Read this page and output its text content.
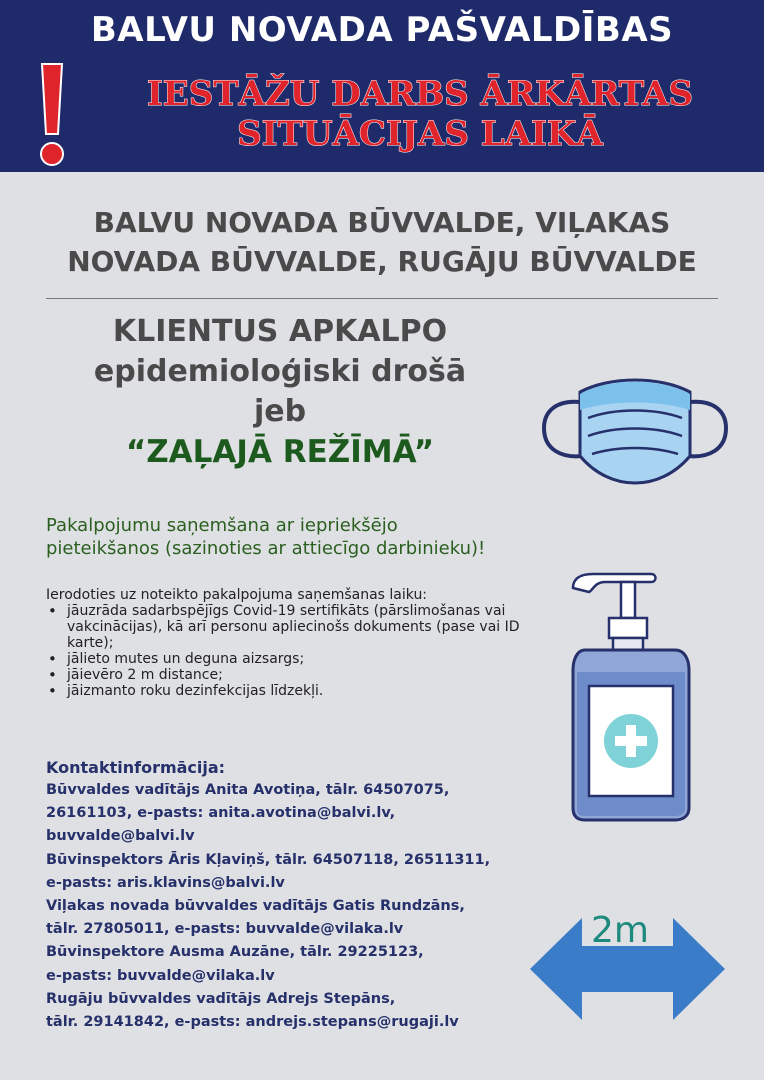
BALVU NOVADA PAŠVALDĪBAS
IESTĀŽU DARBS ĀRKĀRTAS
SITUĀCIJAS LAIKĀ
BALVU NOVADA BŪVVALDE, VIĻAKAS
NOVADA BŪVVALDE, RUGĀJU BŪVVALDE
KLIENTUS APKALPO
epidemioloģiski drošā
jeb
“ZAĻAJĀ REŽĪMĀ”
Pakalpojumu saņemšana ar iepriekšējo pieteikšanos (sazinoties ar attiecīgo darbinieku)!
Ierodoties uz noteikto pakalpojuma saņemšanas laiku:
• jāuzrāda sadarbspējīgs Covid-19 sertifikāts (pārslimošanas vai vakcinācijas), kā arī personu apliecinošs dokuments (pase vai ID karte);
• jālieto mutes un deguna aizsargs;
• jāievēro 2 m distance;
• jāizmanto roku dezinfekcijas līdzekļi.
Kontaktinformācija:
Būvvaldes vadītājs Anita Avotiņa, tālr. 64507075,
26161103, e-pasts: anita.avotina@balvi.lv,
buvvalde@balvi.lv
Būvinspektors Āris Kļaviņš, tālr. 64507118, 26511311,
e-pasts: aris.klavins@balvi.lv
Viļakas novada būvvaldes vadītājs Gatis Rundzāns,
tālr. 27805011, e-pasts: buvvalde@vilaka.lv
Būvinspektore Ausma Auzāne, tālr. 29225123,
e-pasts: buvvalde@vilaka.lv
Rugāju būvvaldes vadītājs Adrejs Stepāns,
tālr. 29141842, e-pasts: andrejs.stepans@rugaji.lv
2m
